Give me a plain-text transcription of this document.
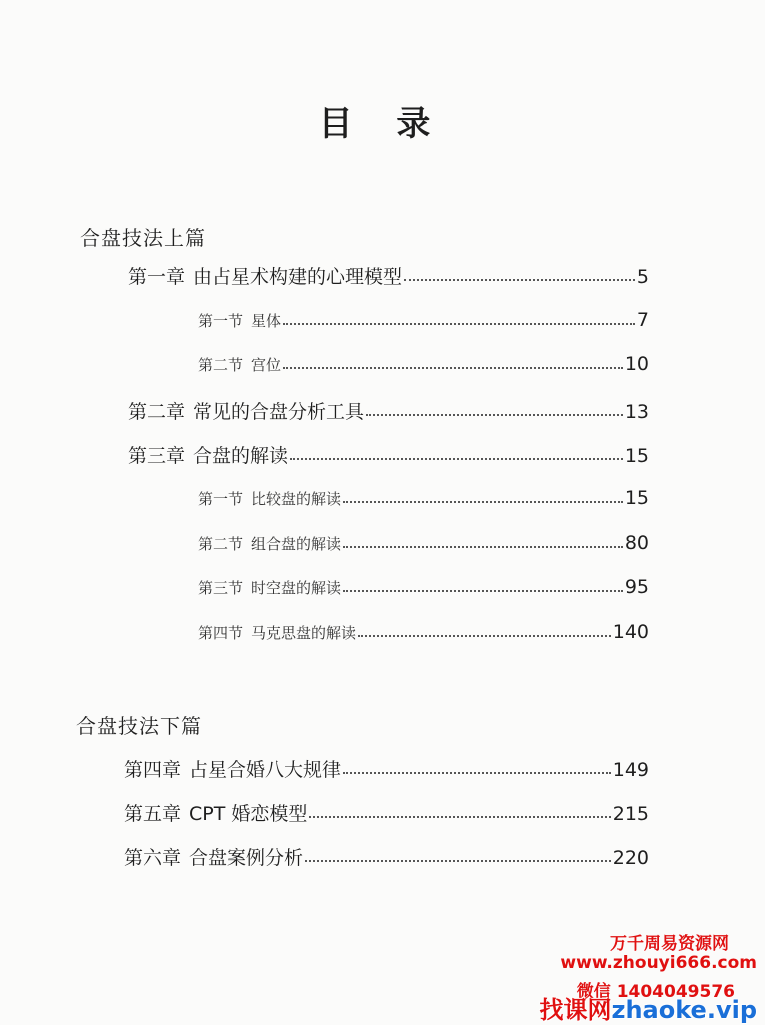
目 录
合盘技法上篇
第一章 由占星术构建的心理模型	5
第一节 星体	7
第二节 宫位	10
第二章 常见的合盘分析工具	13
第三章 合盘的解读	15
第一节 比较盘的解读	15
第二节 组合盘的解读	80
第三节 时空盘的解读	95
第四节 马克思盘的解读	140
合盘技法下篇
第四章 占星合婚八大规律	149
第五章 CPT 婚恋模型	215
第六章 合盘案例分析	220
万千周易资源网
www.zhouyi666.com
微信 1404049576
找课网zhaoke.vip
